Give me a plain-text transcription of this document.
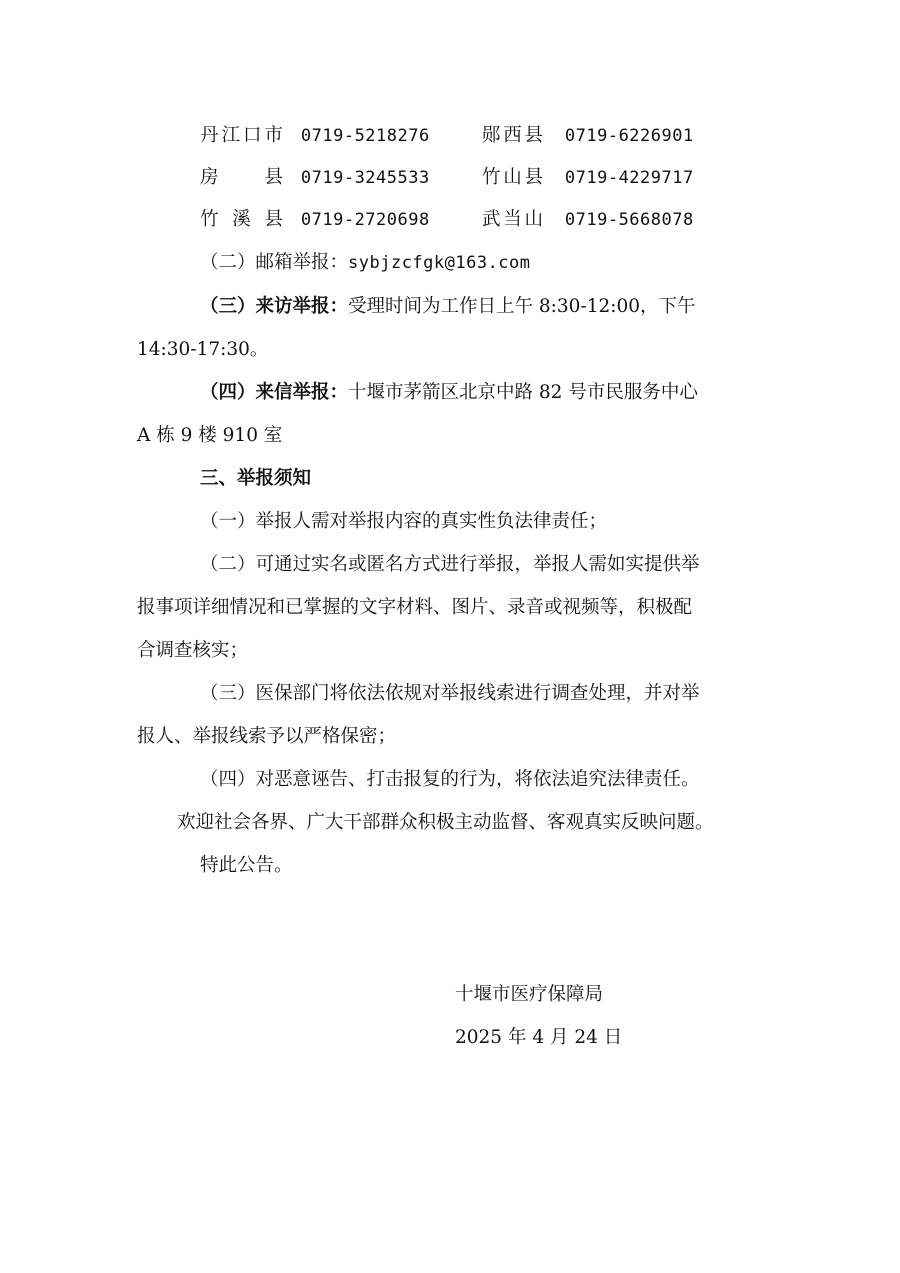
丹江口市 0719-5218276	郧西县 0719-6226901
房县 0719-3245533	竹山县 0719-4229717
竹溪县 0719-2720698	武当山 0719-5668078
（二）邮箱举报：sybjzcfgk@163.com
（三）来访举报：受理时间为工作日上午 8:30-12:00，下午
14:30-17:30。
（四）来信举报：十堰市茅箭区北京中路 82 号市民服务中心
A 栋 9 楼 910 室
三、举报须知
（一）举报人需对举报内容的真实性负法律责任；
（二）可通过实名或匿名方式进行举报，举报人需如实提供举
报事项详细情况和已掌握的文字材料、图片、录音或视频等，积极配
合调查核实；
（三）医保部门将依法依规对举报线索进行调查处理，并对举
报人、举报线索予以严格保密；
（四）对恶意诬告、打击报复的行为，将依法追究法律责任。
欢迎社会各界、广大干部群众积极主动监督、客观真实反映问题。
特此公告。
十堰市医疗保障局
2025 年 4 月 24 日
